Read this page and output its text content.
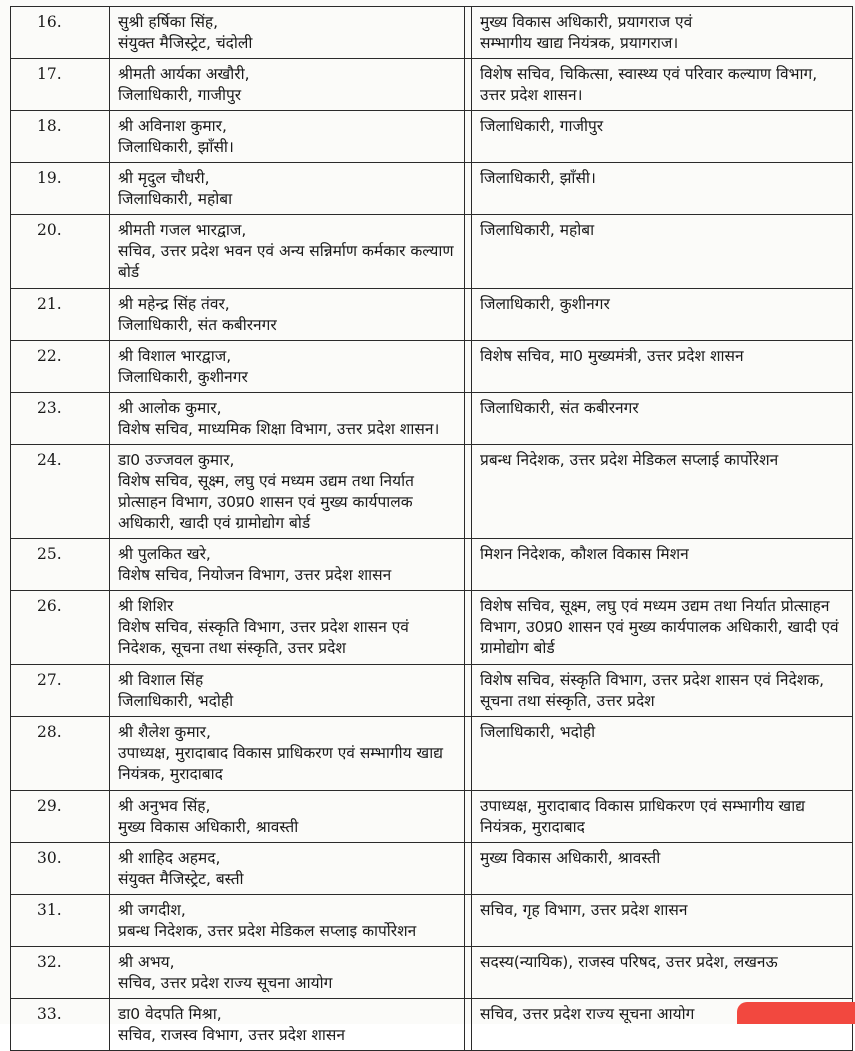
16.	सुश्री हर्षिका सिंह,
संयुक्त मैजिस्ट्रेट, चंदोली		मुख्य विकास अधिकारी, प्रयागराज एवं
सम्भागीय खाद्य नियंत्रक, प्रयागराज।

17.	श्रीमती आर्यका अखौरी,
जिलाधिकारी, गाजीपुर		विशेष सचिव, चिकित्सा, स्वास्थ्य एवं परिवार कल्याण विभाग,
उत्तर प्रदेश शासन।

18.	श्री अविनाश कुमार,
जिलाधिकारी, झाँसी।		जिलाधिकारी, गाजीपुर

19.	श्री मृदुल चौधरी,
जिलाधिकारी, महोबा		जिलाधिकारी, झाँसी।

20.	श्रीमती गजल भारद्वाज,
सचिव, उत्तर प्रदेश भवन एवं अन्य सन्निर्माण कर्मकार कल्याण बोर्ड		जिलाधिकारी, महोबा

21.	श्री महेन्द्र सिंह तंवर,
जिलाधिकारी, संत कबीरनगर		जिलाधिकारी, कुशीनगर

22.	श्री विशाल भारद्वाज,
जिलाधिकारी, कुशीनगर		विशेष सचिव, मा0 मुख्यमंत्री, उत्तर प्रदेश शासन

23.	श्री आलोक कुमार,
विशेष सचिव, माध्यमिक शिक्षा विभाग, उत्तर प्रदेश शासन।		जिलाधिकारी, संत कबीरनगर

24.	डा0 उज्जवल कुमार,
विशेष सचिव, सूक्ष्म, लघु एवं मध्यम उद्यम तथा निर्यात प्रोत्साहन विभाग, उ0प्र0 शासन एवं मुख्य कार्यपालक अधिकारी, खादी एवं ग्रामोद्योग बोर्ड		प्रबन्ध निदेशक, उत्तर प्रदेश मेडिकल सप्लाई कार्पोरेशन

25.	श्री पुलकित खरे,
विशेष सचिव, नियोजन विभाग, उत्तर प्रदेश शासन		मिशन निदेशक, कौशल विकास मिशन

26.	श्री शिशिर
विशेष सचिव, संस्कृति विभाग, उत्तर प्रदेश शासन एवं निदेशक, सूचना तथा संस्कृति, उत्तर प्रदेश		विशेष सचिव, सूक्ष्म, लघु एवं मध्यम उद्यम तथा निर्यात प्रोत्साहन विभाग, उ0प्र0 शासन एवं मुख्य कार्यपालक अधिकारी, खादी एवं ग्रामोद्योग बोर्ड

27.	श्री विशाल सिंह
जिलाधिकारी, भदोही		विशेष सचिव, संस्कृति विभाग, उत्तर प्रदेश शासन एवं निदेशक, सूचना तथा संस्कृति, उत्तर प्रदेश

28.	श्री शैलेश कुमार,
उपाध्यक्ष, मुरादाबाद विकास प्राधिकरण एवं सम्भागीय खाद्य नियंत्रक, मुरादाबाद		जिलाधिकारी, भदोही

29.	श्री अनुभव सिंह,
मुख्य विकास अधिकारी, श्रावस्ती		उपाध्यक्ष, मुरादाबाद विकास प्राधिकरण एवं सम्भागीय खाद्य नियंत्रक, मुरादाबाद

30.	श्री शाहिद अहमद,
संयुक्त मैजिस्ट्रेट, बस्ती		मुख्य विकास अधिकारी, श्रावस्ती

31.	श्री जगदीश,
प्रबन्ध निदेशक, उत्तर प्रदेश मेडिकल सप्लाइ कार्पोरेशन		सचिव, गृह विभाग, उत्तर प्रदेश शासन

32.	श्री अभय,
सचिव, उत्तर प्रदेश राज्य सूचना आयोग		सदस्य(न्यायिक), राजस्व परिषद, उत्तर प्रदेश, लखनऊ

33.	डा0 वेदपति मिश्रा,
सचिव, राजस्व विभाग, उत्तर प्रदेश शासन		सचिव, उत्तर प्रदेश राज्य सूचना आयोग
